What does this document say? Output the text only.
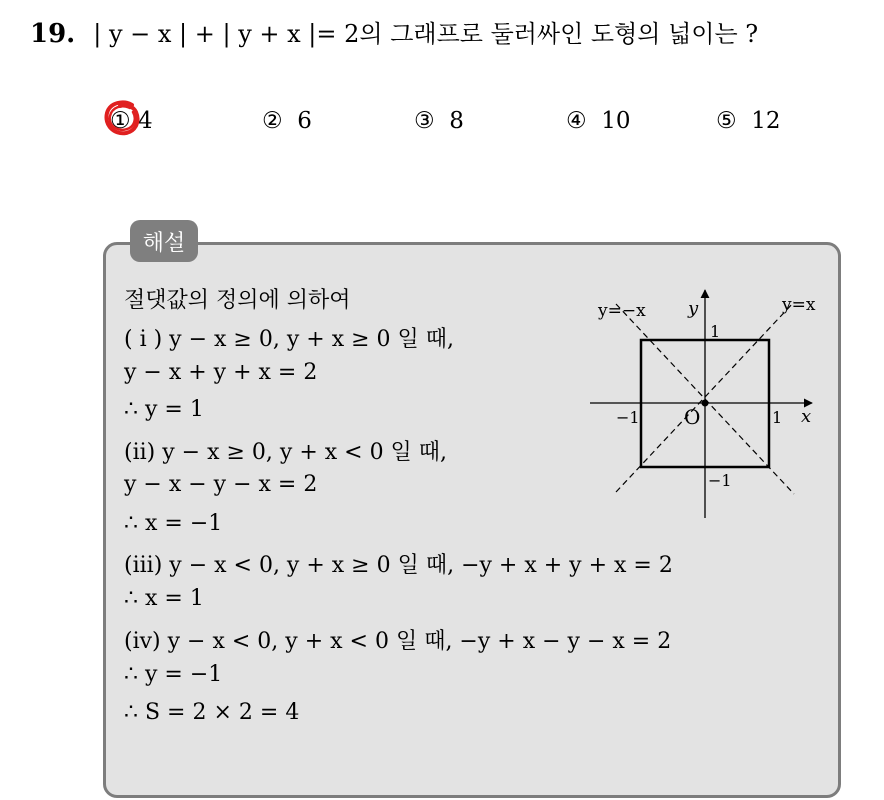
19. | y − x | + | y + x |= 2의 그래프로 둘러싸인 도형의 넓이는 ?
① 4	② 6	③ 8	④ 10	⑤ 12
해설
절댓값의 정의에 의하여
( i ) y − x ≥ 0, y + x ≥ 0 일 때,
y − x + y + x = 2
∴ y = 1
(ii) y − x ≥ 0, y + x < 0 일 때,
y − x − y − x = 2
∴ x = −1
(iii) y − x < 0, y + x ≥ 0 일 때, −y + x + y + x = 2
∴ x = 1
(iv) y − x < 0, y + x < 0 일 때, −y + x − y − x = 2
∴ y = −1
∴ S = 2 × 2 = 4
y=−x	y=x
y
x
O
1
−1
−1	1
